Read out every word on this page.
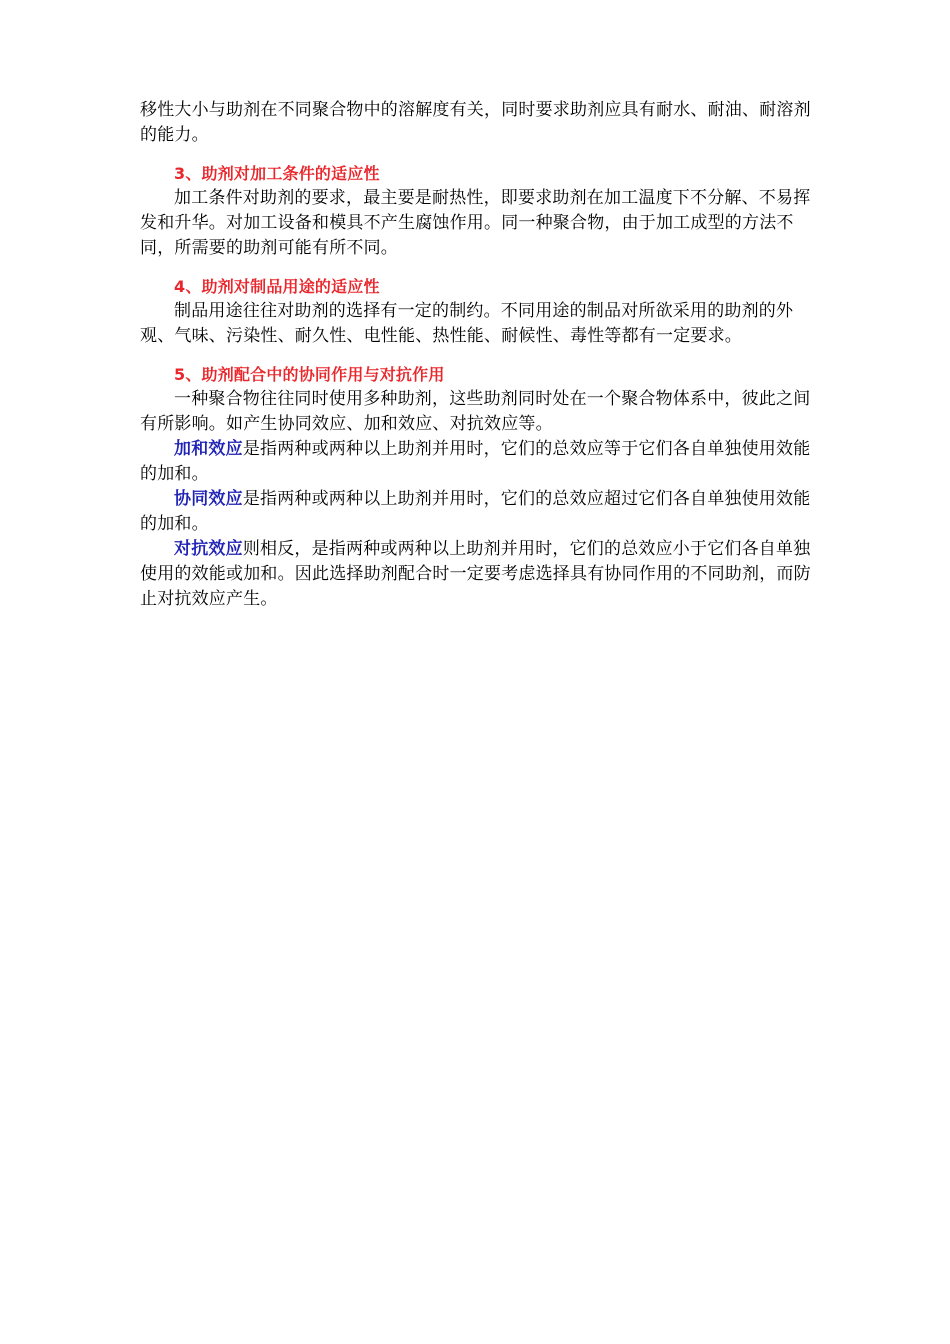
移性大小与助剂在不同聚合物中的溶解度有关，同时要求助剂应具有耐水、耐油、耐溶剂的能力。

3、助剂对加工条件的适应性

加工条件对助剂的要求，最主要是耐热性，即要求助剂在加工温度下不分解、不易挥发和升华。对加工设备和模具不产生腐蚀作用。同一种聚合物，由于加工成型的方法不同，所需要的助剂可能有所不同。

4、助剂对制品用途的适应性

制品用途往往对助剂的选择有一定的制约。不同用途的制品对所欲采用的助剂的外观、气味、污染性、耐久性、电性能、热性能、耐候性、毒性等都有一定要求。

5、助剂配合中的协同作用与对抗作用

一种聚合物往往同时使用多种助剂，这些助剂同时处在一个聚合物体系中，彼此之间有所影响。如产生协同效应、加和效应、对抗效应等。

加和效应是指两种或两种以上助剂并用时，它们的总效应等于它们各自单独使用效能的加和。

协同效应是指两种或两种以上助剂并用时，它们的总效应超过它们各自单独使用效能的加和。

对抗效应则相反，是指两种或两种以上助剂并用时，它们的总效应小于它们各自单独使用的效能或加和。因此选择助剂配合时一定要考虑选择具有协同作用的不同助剂，而防止对抗效应产生。
